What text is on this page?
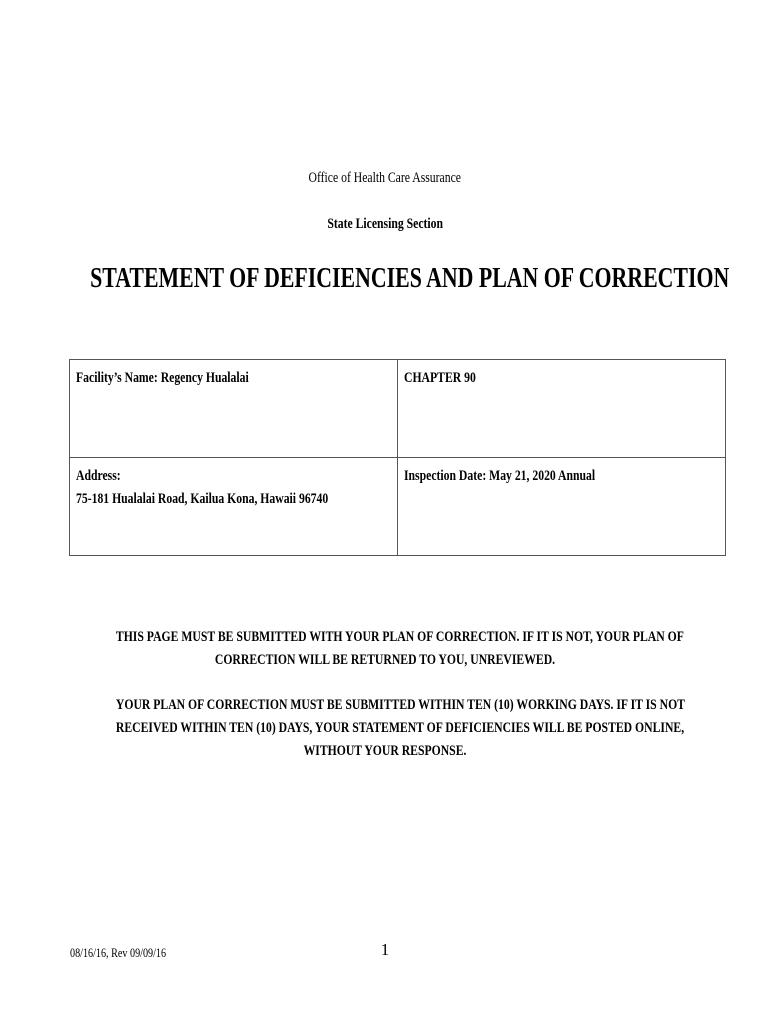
Office of Health Care Assurance
State Licensing Section
STATEMENT OF DEFICIENCIES AND PLAN OF CORRECTION
Facility’s Name: Regency Hualalai	CHAPTER 90
Address:
75-181 Hualalai Road, Kailua Kona, Hawaii 96740	Inspection Date: May 21, 2020 Annual
THIS PAGE MUST BE SUBMITTED WITH YOUR PLAN OF CORRECTION. IF IT IS NOT, YOUR PLAN OF
CORRECTION WILL BE RETURNED TO YOU, UNREVIEWED.
YOUR PLAN OF CORRECTION MUST BE SUBMITTED WITHIN TEN (10) WORKING DAYS. IF IT IS NOT
RECEIVED WITHIN TEN (10) DAYS, YOUR STATEMENT OF DEFICIENCIES WILL BE POSTED ONLINE,
WITHOUT YOUR RESPONSE.
08/16/16, Rev 09/09/16	1
